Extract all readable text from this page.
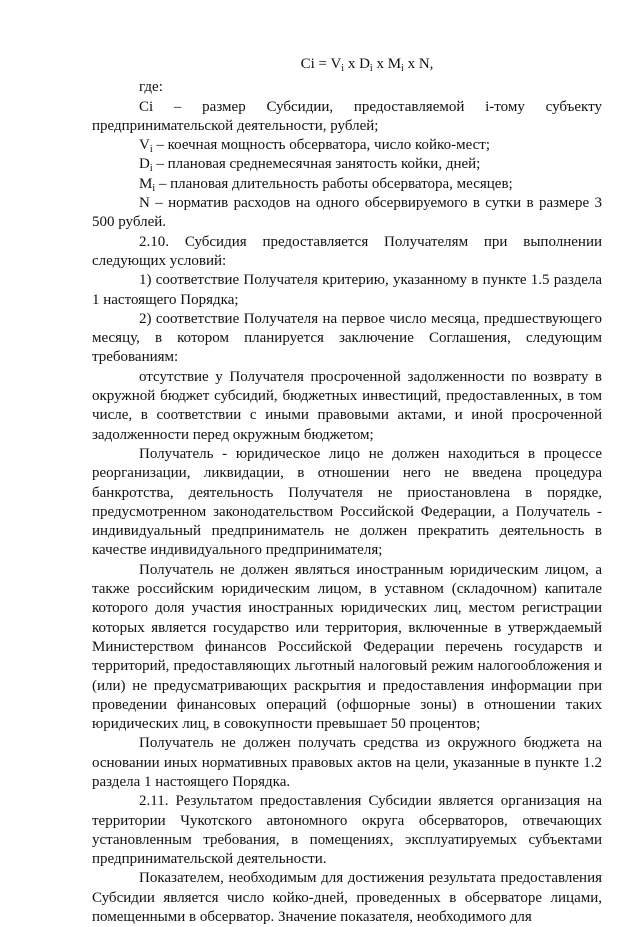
$Ci = V_i$ x $D_i$ x $M_i$ x N,

где:

Ci – размер Субсидии, предоставляемой i-тому субъекту предпринимательской деятельности, рублей;

$V_i$ – коечная мощность обсерватора, число койко-мест;

$D_i$ – плановая среднемесячная занятость койки, дней;

$M_i$ – плановая длительность работы обсерватора, месяцев;

N – норматив расходов на одного обсервируемого в сутки в размере 3 500 рублей.

2.10. Субсидия предоставляется Получателям при выполнении следующих условий:

1) соответствие Получателя критерию, указанному в пункте 1.5 раздела 1 настоящего Порядка;

2) соответствие Получателя на первое число месяца, предшествующего месяцу, в котором планируется заключение Соглашения, следующим требованиям:

отсутствие у Получателя просроченной задолженности по возврату в окружной бюджет субсидий, бюджетных инвестиций, предоставленных, в том числе, в соответствии с иными правовыми актами, и иной просроченной задолженности перед окружным бюджетом;

Получатель - юридическое лицо не должен находиться в процессе реорганизации, ликвидации, в отношении него не введена процедура банкротства, деятельность Получателя не приостановлена в порядке, предусмотренном законодательством Российской Федерации, а Получатель - индивидуальный предприниматель не должен прекратить деятельность в качестве индивидуального предпринимателя;

Получатель не должен являться иностранным юридическим лицом, а также российским юридическим лицом, в уставном (складочном) капитале которого доля участия иностранных юридических лиц, местом регистрации которых является государство или территория, включенные в утверждаемый Министерством финансов Российской Федерации перечень государств и территорий, предоставляющих льготный налоговый режим налогообложения и (или) не предусматривающих раскрытия и предоставления информации при проведении финансовых операций (офшорные зоны) в отношении таких юридических лиц, в совокупности превышает 50 процентов;

Получатель не должен получать средства из окружного бюджета на основании иных нормативных правовых актов на цели, указанные в пункте 1.2 раздела 1 настоящего Порядка.

2.11. Результатом предоставления Субсидии является организация на территории Чукотского автономного округа обсерваторов, отвечающих установленным требования, в помещениях, эксплуатируемых субъектами предпринимательской деятельности.

Показателем, необходимым для достижения результата предоставления Субсидии является число койко-дней, проведенных в обсерваторе лицами, помещенными в обсерватор. Значение показателя, необходимого для
